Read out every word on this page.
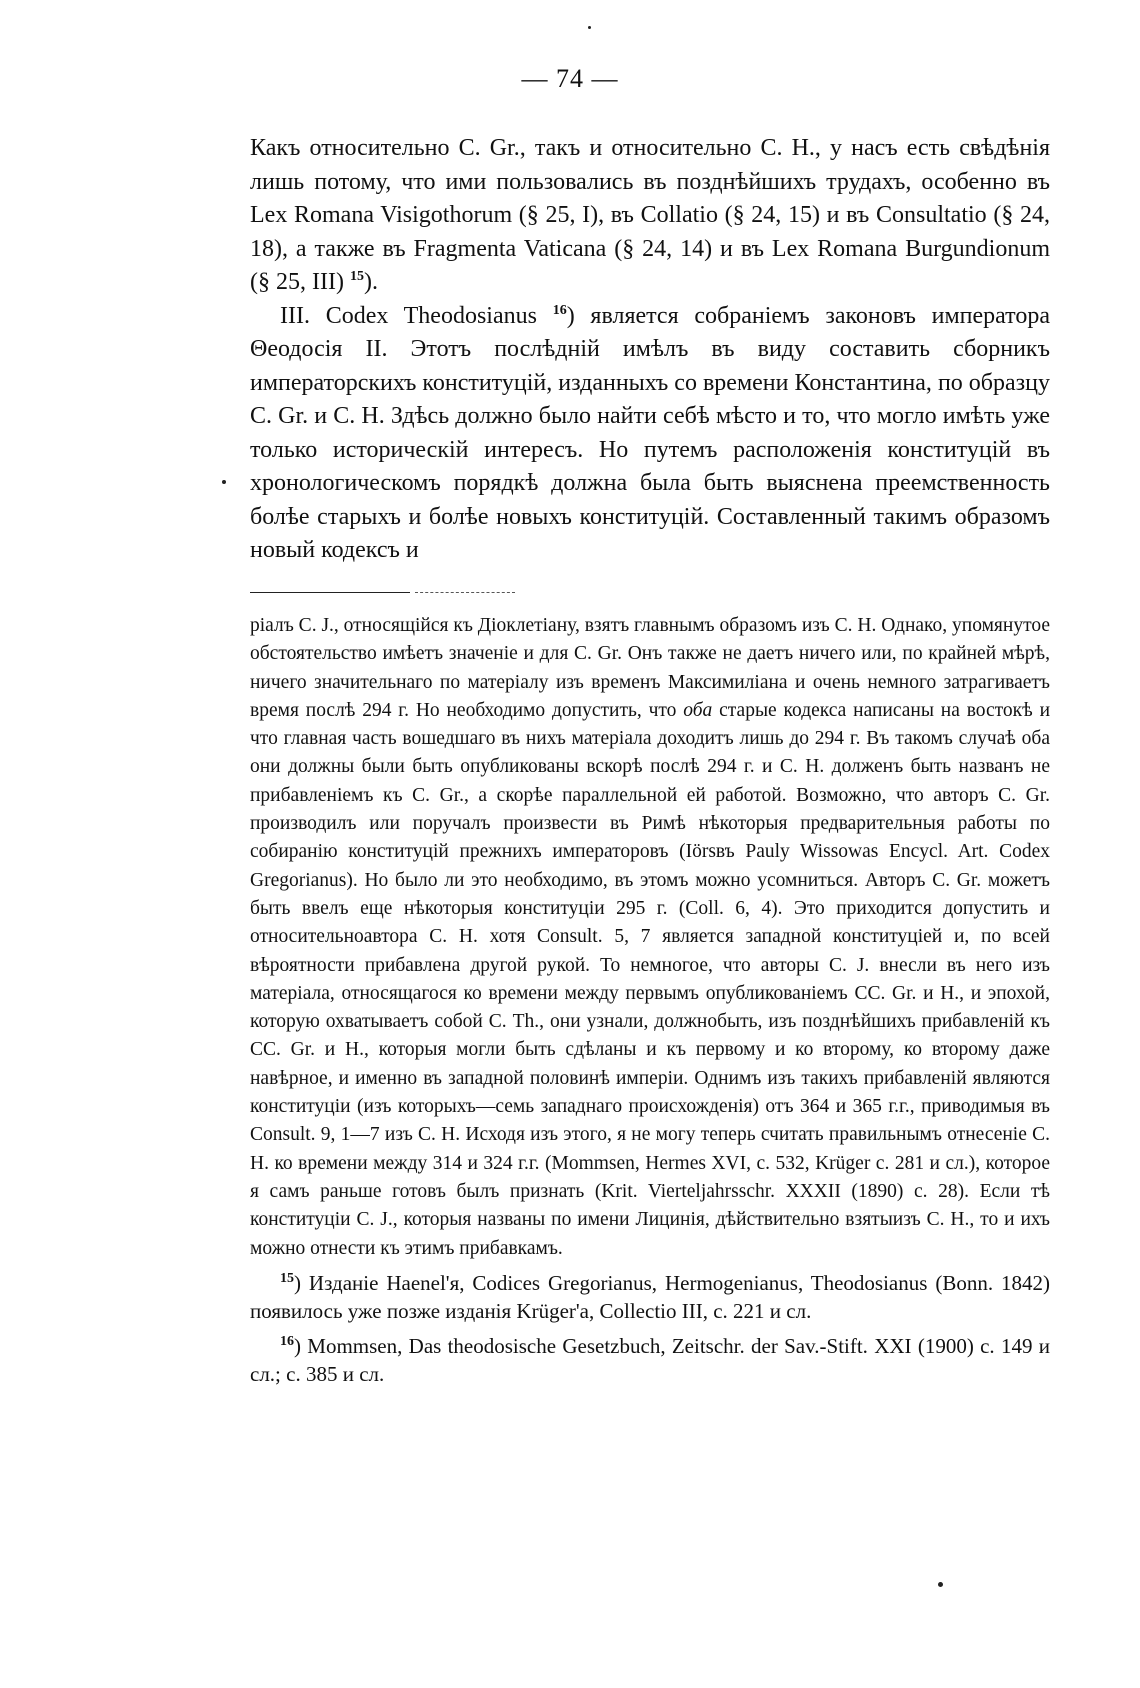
— 74 —

Какъ относительно С. Gr., такъ и относительно С. Н., у насъ есть свѣдѣнія лишь потому, что ими пользовались въ позднѣйшихъ трудахъ, особенно въ Lex Romana Visigothorum (§ 25, I), въ Collatio (§ 24, 15) и въ Consultatio (§ 24, 18), а также въ Fragmenta Vaticana (§ 24, 14) и въ Lex Romana Burgundionum (§ 25, III) $^{15}$).

III. Codex Theodosianus $^{16}$) является собраніемъ законовъ императора Θеодосія II. Этотъ послѣдній имѣлъ въ виду составить сборникъ императорскихъ конституцій, изданныхъ со времени Константина, по образцу С. Gr. и С. Н. Здѣсь должно было найти себѣ мѣсто и то, что могло имѣть уже только историческій интересъ. Но путемъ расположенія конституцій въ хронологическомъ порядкѣ должна была быть выяснена преемственность болѣе старыхъ и болѣе новыхъ конституцій. Составленный такимъ образомъ новый кодексъ и

ріалъ С. J., относящійся къ Діоклетіану, взятъ главнымъ образомъ изъ С. Н. Однако, упомянутое обстоятельство имѣетъ значеніе и для С. Gr. Онъ также не даетъ ничего или, по крайней мѣрѣ, ничего значительнаго по матеріалу изъ временъ Максимиліана и очень немного затрагиваетъ время послѣ 294 г. Но необходимо допустить, что оба старые кодекса написаны на востокѣ и что главная часть вошедшаго въ нихъ матеріала доходитъ лишь до 294 г. Въ такомъ случаѣ оба они должны были быть опубликованы вскорѣ послѣ 294 г. и С. Н. долженъ быть названъ не прибавленіемъ къ С. Gr., а скорѣе параллельной ей работой. Возможно, что авторъ С. Gr. производилъ или поручалъ произвести въ Римѣ нѣкоторыя предварительныя работы по собиранію конституцій прежнихъ императоровъ (Iörsвъ Pauly Wissowas Encycl. Art. Codex Gregorianus). Но было ли это необходимо, въ этомъ можно усомниться. Авторъ С. Gr. можетъ быть ввелъ еще нѣкоторыя конституціи 295 г. (Coll. 6, 4). Это приходится допустить и относительноавтора С. Н. хотя Consult. 5, 7 является западной конституціей и, по всей вѣроятности прибавлена другой рукой. То немногое, что авторы С. J. внесли въ него изъ матеріала, относящагося ко времени между первымъ опубликованіемъ СС. Gr. и Н., и эпохой, которую охватываетъ собой С. Th., они узнали, должнобыть, изъ позднѣйшихъ прибавленій къ СС. Gr. и Н., которыя могли быть сдѣланы и къ первому и ко второму, ко второму даже навѣрное, и именно въ западной половинѣ имперіи. Однимъ изъ такихъ прибавленій являются конституціи (изъ которыхъ—семь западнаго происхожденія) отъ 364 и 365 г.г., приводимыя въ Consult. 9, 1—7 изъ С. Н. Исходя изъ этого, я не могу теперь считать правильнымъ отнесеніе С. Н. ко времени между 314 и 324 г.г. (Mommsen, Hermes XVI, с. 532, Krüger с. 281 и сл.), которое я самъ раньше готовъ былъ признать (Krit. Vierteljahrsschr. XXXII (1890) с. 28). Если тѣ конституціи С. J., которыя названы по имени Лицинія, дѣйствительно взятыизъ С. Н., то и ихъ можно отнести къ этимъ прибавкамъ.

$^{15}$) Изданіе Haenel'я, Codices Gregorianus, Hermogenianus, Theodosianus (Bonn. 1842) появилось уже позже изданія Krüger'a, Collectio III, с. 221 и сл.

$^{16}$) Mommsen, Das theodosische Gesetzbuch, Zeitschr. der Sav.-Stift. XXI (1900) с. 149 и сл.; с. 385 и сл.
